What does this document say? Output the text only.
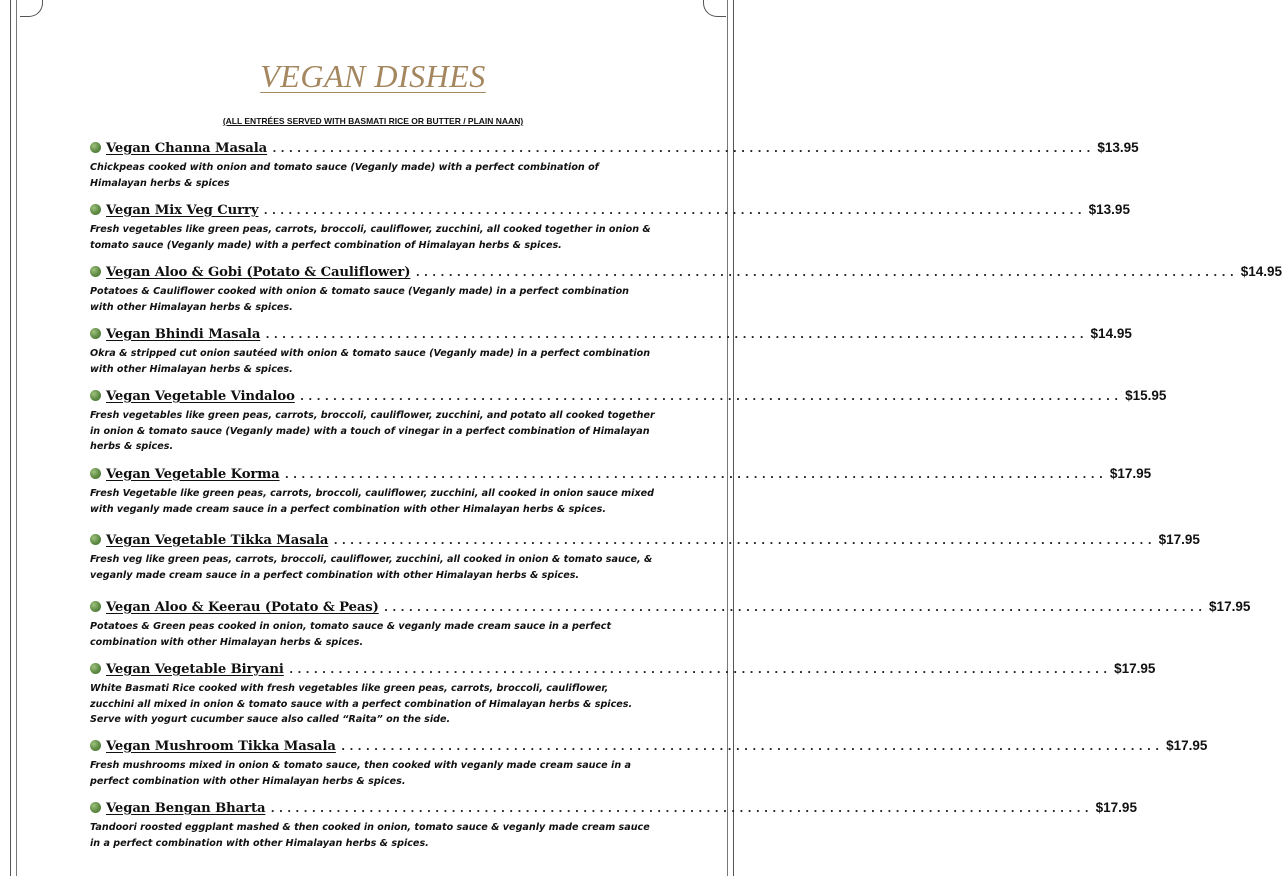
VEGAN DISHES
(ALL ENTRÉES SERVED WITH BASMATI RICE OR BUTTER / PLAIN NAAN)
Vegan Channa Masala .................................................................................................... $13.95
Chickpeas cooked with onion and tomato sauce (Veganly made) with a perfect combination of Himalayan herbs & spices
Vegan Mix Veg Curry .................................................................................................... $13.95
Fresh vegetables like green peas, carrots, broccoli, cauliflower, zucchini, all cooked together in onion & tomato sauce (Veganly made) with a perfect combination of Himalayan herbs & spices.
Vegan Aloo & Gobi (Potato & Cauliflower) .................................................................................................... $14.95
Potatoes & Cauliflower cooked with onion & tomato sauce (Veganly made) in a perfect combination with other Himalayan herbs & spices.
Vegan Bhindi Masala .................................................................................................... $14.95
Okra & stripped cut onion sautéed with onion & tomato sauce (Veganly made) in a perfect combination with other Himalayan herbs & spices.
Vegan Vegetable Vindaloo .................................................................................................... $15.95
Fresh vegetables like green peas, carrots, broccoli, cauliflower, zucchini, and potato all cooked together in onion & tomato sauce (Veganly made) with a touch of vinegar in a perfect combination of Himalayan herbs & spices.
Vegan Vegetable Korma .................................................................................................... $17.95
Fresh Vegetable like green peas, carrots, broccoli, cauliflower, zucchini, all cooked in onion sauce mixed with veganly made cream sauce in a perfect combination with other Himalayan herbs & spices.
Vegan Vegetable Tikka Masala .................................................................................................... $17.95
Fresh veg like green peas, carrots, broccoli, cauliflower, zucchini, all cooked in onion & tomato sauce, & veganly made cream sauce in a perfect combination with other Himalayan herbs & spices.
Vegan Aloo & Keerau (Potato & Peas) .................................................................................................... $17.95
Potatoes & Green peas cooked in onion, tomato sauce & veganly made cream sauce in a perfect combination with other Himalayan herbs & spices.
Vegan Vegetable Biryani .................................................................................................... $17.95
White Basmati Rice cooked with fresh vegetables like green peas, carrots, broccoli, cauliflower, zucchini all mixed in onion & tomato sauce with a perfect combination of Himalayan herbs & spices. Serve with yogurt cucumber sauce also called “Raita” on the side.
Vegan Mushroom Tikka Masala .................................................................................................... $17.95
Fresh mushrooms mixed in onion & tomato sauce, then cooked with veganly made cream sauce in a perfect combination with other Himalayan herbs & spices.
Vegan Bengan Bharta .................................................................................................... $17.95
Tandoori roosted eggplant mashed & then cooked in onion, tomato sauce & veganly made cream sauce in a perfect combination with other Himalayan herbs & spices.
